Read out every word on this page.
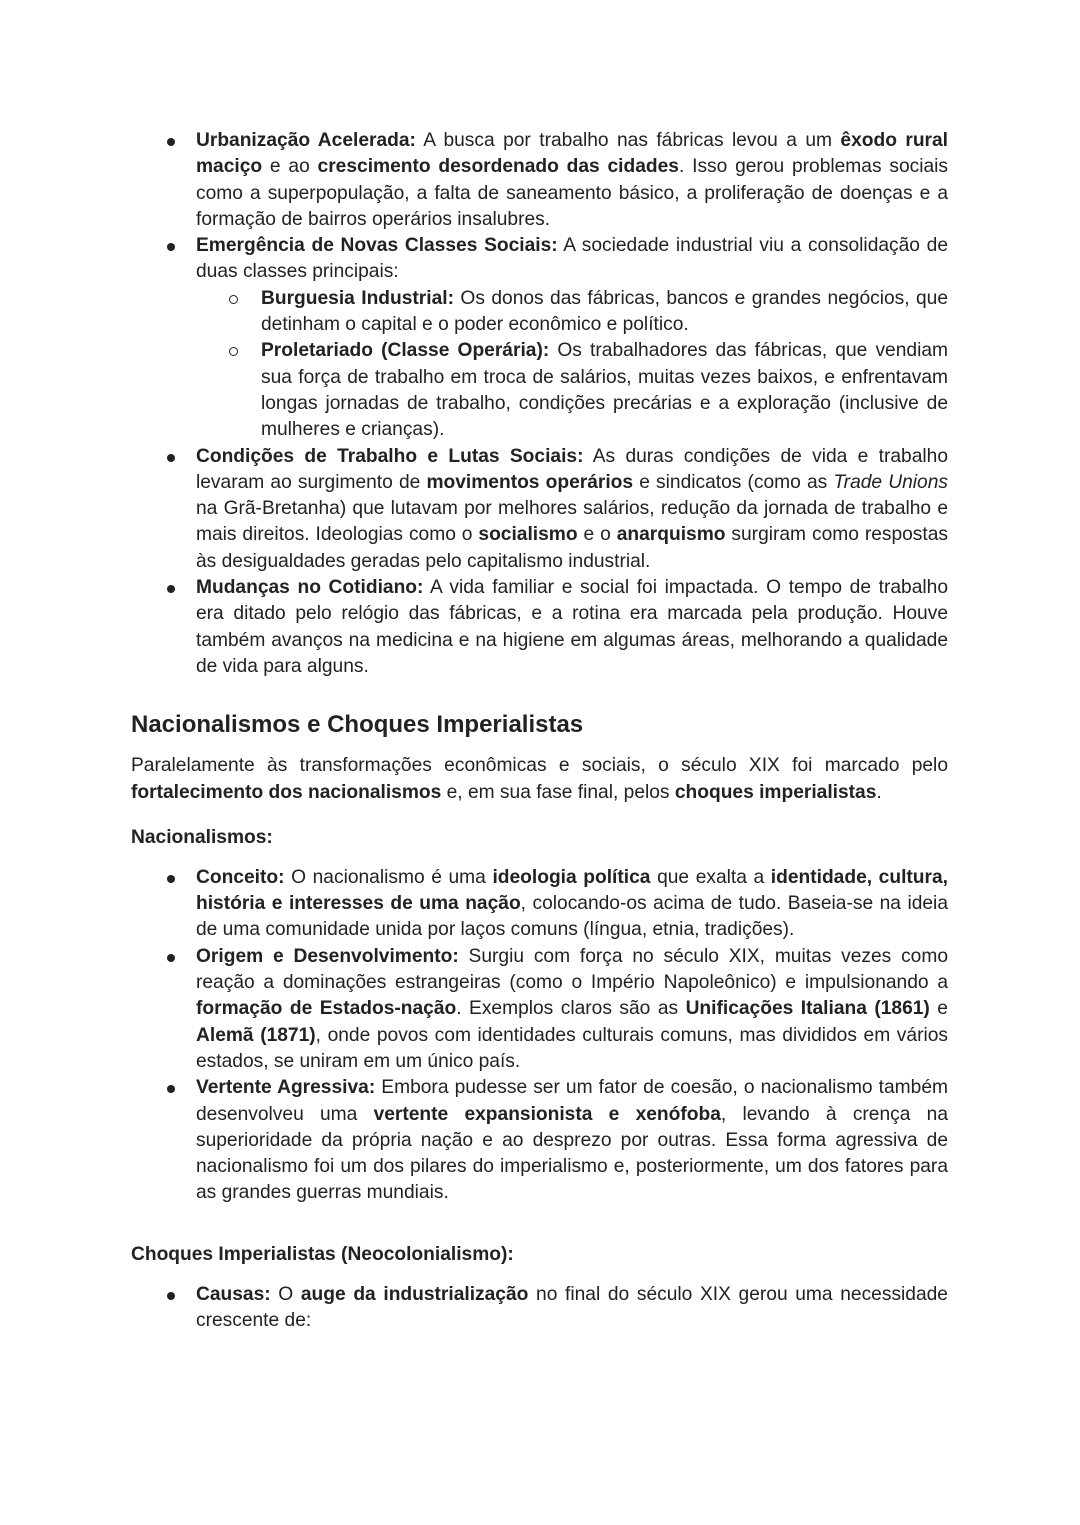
Urbanização Acelerada: A busca por trabalho nas fábricas levou a um êxodo rural maciço e ao crescimento desordenado das cidades. Isso gerou problemas sociais como a superpopulação, a falta de saneamento básico, a proliferação de doenças e a formação de bairros operários insalubres.
Emergência de Novas Classes Sociais: A sociedade industrial viu a consolidação de duas classes principais:
Burguesia Industrial: Os donos das fábricas, bancos e grandes negócios, que detinham o capital e o poder econômico e político.
Proletariado (Classe Operária): Os trabalhadores das fábricas, que vendiam sua força de trabalho em troca de salários, muitas vezes baixos, e enfrentavam longas jornadas de trabalho, condições precárias e a exploração (inclusive de mulheres e crianças).
Condições de Trabalho e Lutas Sociais: As duras condições de vida e trabalho levaram ao surgimento de movimentos operários e sindicatos (como as Trade Unions na Grã-Bretanha) que lutavam por melhores salários, redução da jornada de trabalho e mais direitos. Ideologias como o socialismo e o anarquismo surgiram como respostas às desigualdades geradas pelo capitalismo industrial.
Mudanças no Cotidiano: A vida familiar e social foi impactada. O tempo de trabalho era ditado pelo relógio das fábricas, e a rotina era marcada pela produção. Houve também avanços na medicina e na higiene em algumas áreas, melhorando a qualidade de vida para alguns.
Nacionalismos e Choques Imperialistas

Paralelamente às transformações econômicas e sociais, o século XIX foi marcado pelo fortalecimento dos nacionalismos e, em sua fase final, pelos choques imperialistas.

Nacionalismos:
Conceito: O nacionalismo é uma ideologia política que exalta a identidade, cultura, história e interesses de uma nação, colocando-os acima de tudo. Baseia-se na ideia de uma comunidade unida por laços comuns (língua, etnia, tradições).
Origem e Desenvolvimento: Surgiu com força no século XIX, muitas vezes como reação a dominações estrangeiras (como o Império Napoleônico) e impulsionando a formação de Estados-nação. Exemplos claros são as Unificações Italiana (1861) e Alemã (1871), onde povos com identidades culturais comuns, mas divididos em vários estados, se uniram em um único país.
Vertente Agressiva: Embora pudesse ser um fator de coesão, o nacionalismo também desenvolveu uma vertente expansionista e xenófoba, levando à crença na superioridade da própria nação e ao desprezo por outras. Essa forma agressiva de nacionalismo foi um dos pilares do imperialismo e, posteriormente, um dos fatores para as grandes guerras mundiais.
Choques Imperialistas (Neocolonialismo):
Causas: O auge da industrialização no final do século XIX gerou uma necessidade crescente de:
